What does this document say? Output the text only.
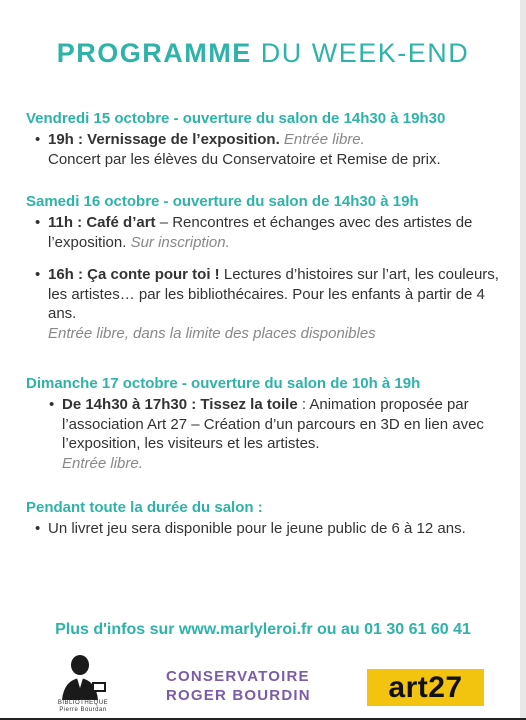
PROGRAMME DU WEEK-END
Vendredi 15 octobre - ouverture du salon de 14h30 à 19h30
• 19h : Vernissage de l’exposition. Entrée libre.
Concert par les élèves du Conservatoire et Remise de prix.
Samedi 16 octobre - ouverture du salon de 14h30 à 19h
• 11h : Café d’art – Rencontres et échanges avec des artistes de l’exposition. Sur inscription.
• 16h : Ça conte pour toi ! Lectures d’histoires sur l’art, les couleurs, les artistes… par les bibliothécaires. Pour les enfants à partir de 4 ans.
Entrée libre, dans la limite des places disponibles
Dimanche 17 octobre - ouverture du salon de 10h à 19h
• De 14h30 à 17h30 : Tissez la toile : Animation proposée par l’association Art 27 – Création d’un parcours en 3D en lien avec l’exposition, les visiteurs et les artistes.
Entrée libre.
Pendant toute la durée du salon :
• Un livret jeu sera disponible pour le jeune public de 6 à 12 ans.
Plus d'infos sur www.marlyleroi.fr ou au 01 30 61 60 41
BIBLIOTHÈQUE
Pierre Bourdan
CONSERVATOIRE
ROGER BOURDIN	art27
